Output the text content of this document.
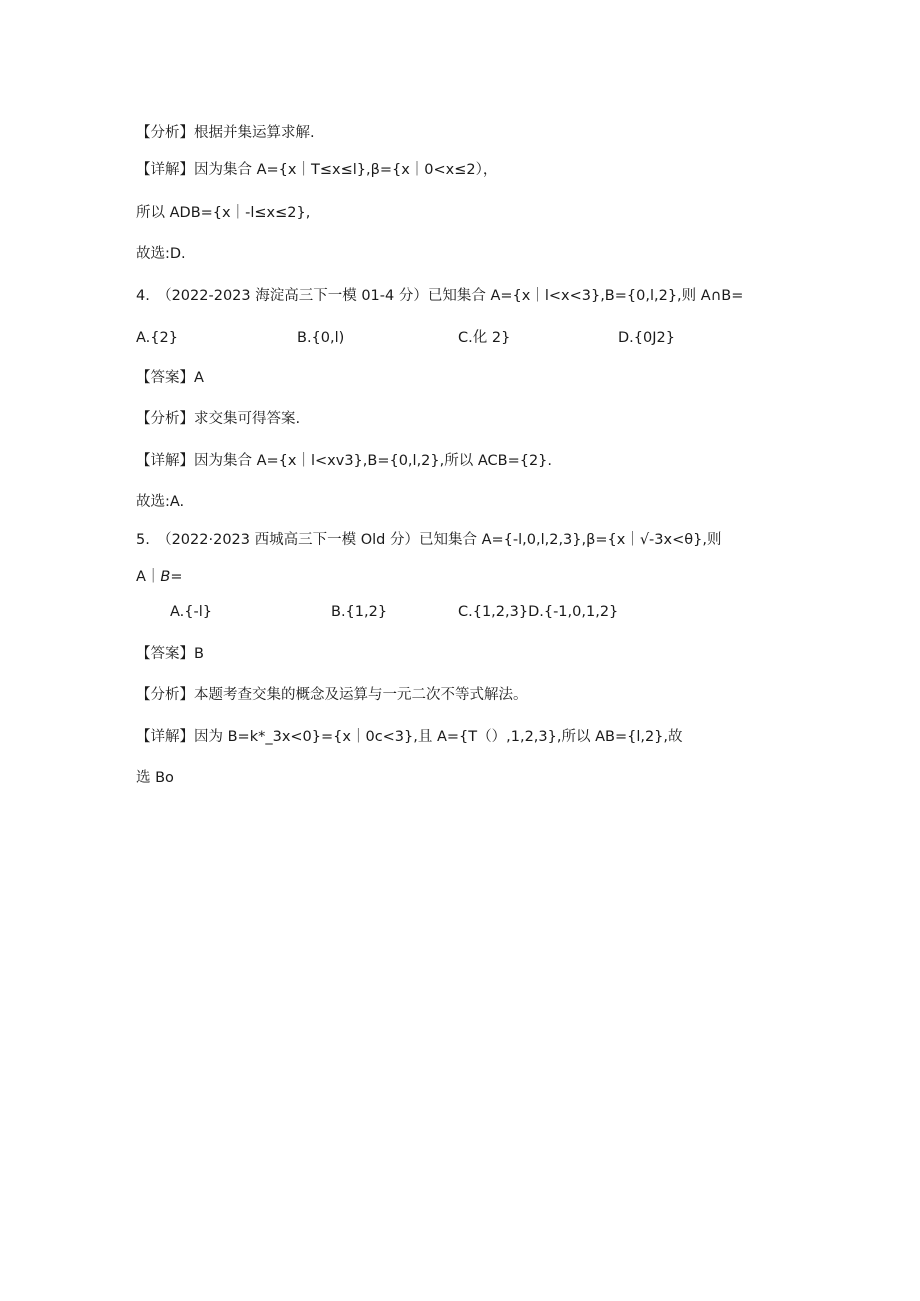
【分析】根据并集运算求解.
【详解】因为集合 A={x｜T≤x≤l},β={x｜0<x≤2），
所以 ADB={x｜-l≤x≤2},
故选:D.
4.　（2022-2023 海淀高三下一模 01-4 分）已知集合 A={x｜l<x<3},B={0,l,2},则 A∩B=
A.{2}	B.{0,l)	C.化 2}	D.{0J2}
【答案】A
【分析】求交集可得答案.
【详解】因为集合 A={x｜l<xv3},B={0,l,2},所以 ACB={2}.
故选:A.
5.　（2022·2023 西城高三下一模 Old 分）已知集合 A={-l,0,l,2,3},β={x｜√-3x<θ},则
A｜B=
A.{-l}	B.{1,2}	C.{1,2,3}D.{-1,0,1,2}
【答案】B
【分析】本题考查交集的概念及运算与一元二次不等式解法。
【详解】因为 B=k*_3x<0}={x｜0c<3},且 A={T（）,1,2,3},所以 AB={l,2},故
选 Bo
